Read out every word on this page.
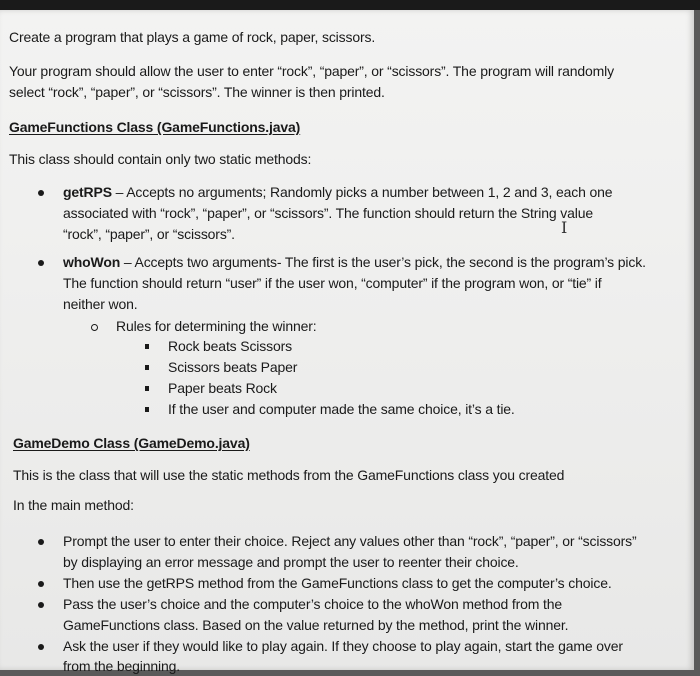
Create a program that plays a game of rock, paper, scissors.
Your program should allow the user to enter “rock”, “paper”, or “scissors”. The program will randomly
select “rock”, “paper”, or “scissors”. The winner is then printed.
GameFunctions Class (GameFunctions.java)
This class should contain only two static methods:
getRPS – Accepts no arguments; Randomly picks a number between 1, 2 and 3, each one
associated with “rock”, “paper”, or “scissors”. The function should return the String value
“rock”, “paper”, or “scissors”.	I
whoWon – Accepts two arguments- The first is the user’s pick, the second is the program’s pick.
The function should return “user” if the user won, “computer” if the program won, or “tie” if
neither won.
Rules for determining the winner:
Rock beats Scissors
Scissors beats Paper
Paper beats Rock
If the user and computer made the same choice, it’s a tie.
GameDemo Class (GameDemo.java)
This is the class that will use the static methods from the GameFunctions class you created
In the main method:
Prompt the user to enter their choice. Reject any values other than “rock”, “paper”, or “scissors”
by displaying an error message and prompt the user to reenter their choice.
Then use the getRPS method from the GameFunctions class to get the computer’s choice.
Pass the user’s choice and the computer’s choice to the whoWon method from the
GameFunctions class. Based on the value returned by the method, print the winner.
Ask the user if they would like to play again. If they choose to play again, start the game over
from the beginning.
